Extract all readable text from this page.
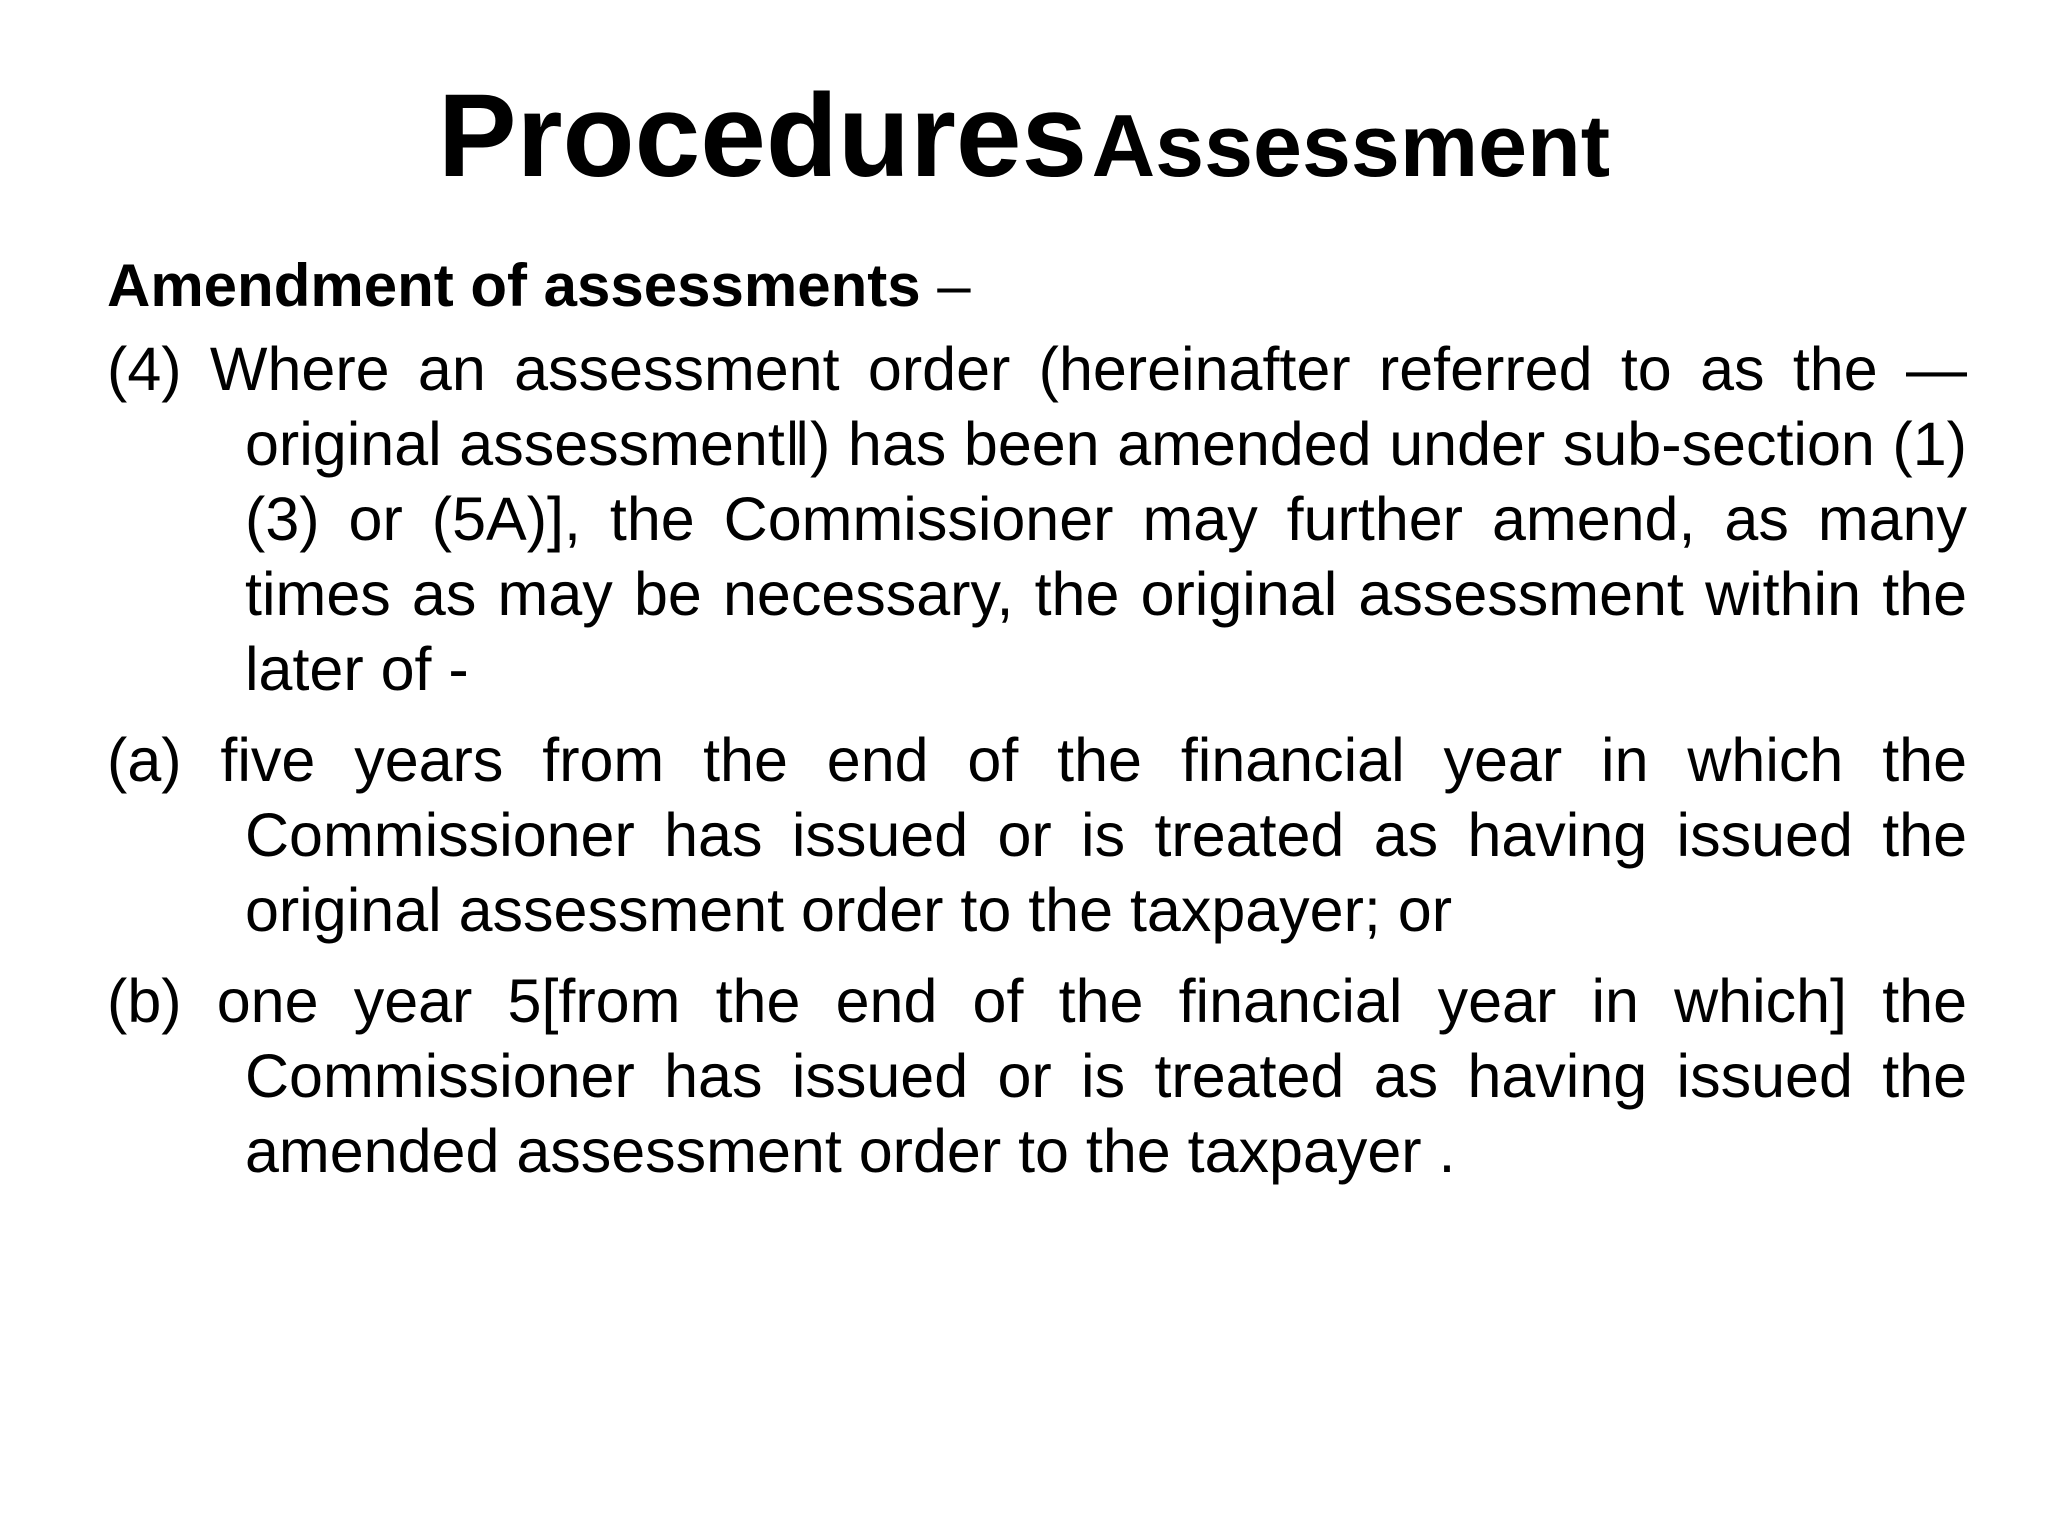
Procedures Assessment
Amendment of assessments –

(4) Where an assessment order (hereinafter referred to as the —original assessment‖) has been amended under sub-section (1) (3) or (5A)], the Commissioner may further amend, as many times as may be necessary, the original assessment within the later of -

(a) five years from the end of the financial year in which the Commissioner has issued or is treated as having issued the original assessment order to the taxpayer; or

(b) one year 5[from the end of the financial year in which] the Commissioner has issued or is treated as having issued the amended assessment order to the taxpayer .
